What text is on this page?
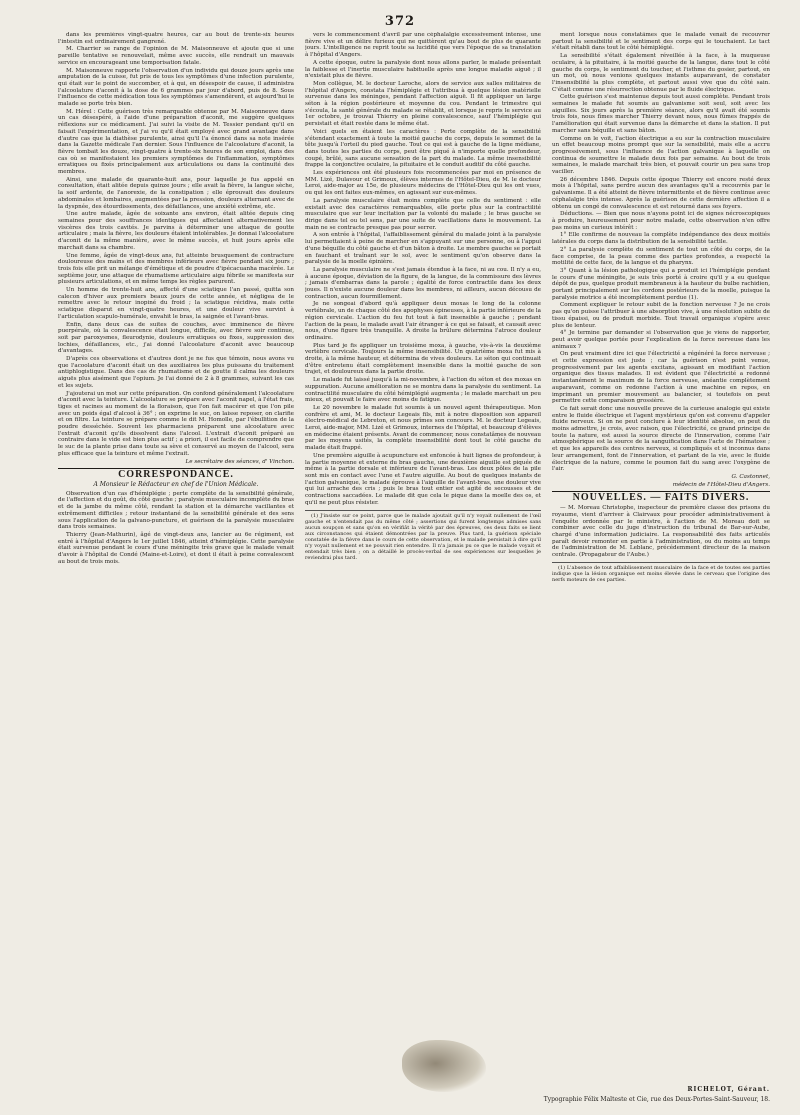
372

dans les premières vingt-quatre heures, car au bout de trente-six heures l'intestin est ordinairement gangrené.

M. Charrier se range de l'opinion de M. Maisonneuve et ajoute que si une pareille tentative se renouvelait, même avec succès, elle rendrait un mauvais service en encourageant une temporisation fatale.

M. Maisonneuve rapporte l'observation d'un individu qui douze jours après une amputation de la cuisse, fut pris de tous les symptômes d'une infection purulente, qui était sur le point de succomber, et à qui, en désespoir de cause, il administra l'alcoolature d'aconit à la dose de 6 grammes par jour d'abord, puis de 8. Sous l'influence de cette médication tous les symptômes s'amendèrent, et aujourd'hui le malade se porte très bien.

M. Hérel : Cette guérison très remarquable obtenue par M. Maisonneuve dans un cas désespéré, à l'aide d'une préparation d'aconit, me suggère quelques réflexions sur ce médicament. J'ai suivi la visite de M. Tessier pendant qu'il en faisait l'expérimentation, et j'ai vu qu'il était employé avec grand avantage dans d'autre cas que la diathèse purulente, ainsi qu'il l'a énoncé dans sa note insérée dans la Gazette médicale l'an dernier. Sous l'influence de l'alcoolature d'aconit, la fièvre tombait les douze, vingt-quatre à trente-six heures de son emploi, dans des cas où se manifestaient les premiers symptômes de l'inflammation, symptômes erratiques ou fixés principalement aux articulations ou dans la continuité des membres.

Ainsi, une malade de quarante-huit ans, pour laquelle je fus appelé en consultation, était alitée depuis quinze jours ; elle avait la fièvre, la langue sèche, la soif ardente, de l'anorexie, de la constipation ; elle éprouvait des douleurs abdominales et lombaires, augmentées par la pression, douleurs alternant avec de la dyspnée, des étourdissements, des défaillances, une anxiété extrême, etc.

Une autre malade, âgée de soixante ans environ, était alitée depuis cinq semaines pour des souffrances identiques qui affectaient alternativement les viscères des trois cavités. Je parvins à déterminer une attaque de goutte articulaire ; mais la fièvre, les douleurs étaient intolérables. Je donnai l'alcoolature d'aconit de la même manière, avec le même succès, et huit jours après elle marchait dans sa chambre.

Une femme, âgée de vingt-deux ans, fut atteinte brusquement de contracture douloureuse des mains et des membres inférieurs avec fièvre pendant six jours ; trois fois elle prit un mélange d'émétique et de poudre d'ipécacuanha macérée. Le septième jour, une attaque de rhumatisme articulaire aigu fébrile se manifesta sur plusieurs articulations, et en même temps les règles parurent.

Un homme de trente-huit ans, affecté d'une sciatique l'an passé, quitta son calecon d'hiver aux premiers beaux jours de cette année, et négligea de le remettre avec le retour inopiné du froid ; la sciatique récidiva, mais cette sciatique disparut en vingt-quatre heures, et une douleur vive survint à l'articulation scapulo-humérale, envahit le bras, la saignée et l'avant-bras.

Enfin, dans deux cas de suites de couches, avec imminence de fièvre puerpérale, où la convalescence était longue, difficile, avec fièvre soir continue, soit par paroxysmes, fleurodynie, douleurs erratiques ou fixes, suppression des lochies, défaillances, etc., j'ai donné l'alcoolature d'aconit avec beaucoup d'avantages.

D'après ces observations et d'autres dont je ne fus que témoin, nous avons vu que l'acoolature d'aconit était un des auxiliaires les plus puissans du traitement antiphlogistique. Dans des cas de rhumatisme et de goutte il calma les douleurs aiguës plus aisément que l'opium. Je l'ai donné de 2 à 8 grammes, suivant les cas et les sujets.

J'ajouterai un mot sur cette préparation. On confond généralement l'alcoolature d'aconit avec la teinture. L'alcoolature se prépare avec l'aconit napel, à l'état frais, tiges et racines au moment de la floraison, que l'on fait macérer et que l'on pile avec un poids égal d'alcool à 36° ; on exprime le suc, on laisse reposer, on clarifie et on filtre. La teinture se prépare comme le dit M. Homolle, par l'ébullition de la poudre desséchée. Souvent les pharmaciens préparent une alcoolature avec l'extrait d'aconit qu'ils dissolvent dans l'alcool. L'extrait d'aconit préparé au contraire dans le vide est bien plus actif ; a priori, il est facile de comprendre que le suc de la plante prise dans toute sa sève et conservé au moyen de l'alcool, sera plus efficace que la teinture et même l'extrait.

Le secrétaire des séances, d' Vinchon.

CORRESPONDANCE.
A Monsieur le Rédacteur en chef de l'Union Médicale.

Observation d'un cas d'hémiplégie ; perte complète de la sensibilité générale, de l'affection et du goût, du côté gauche ; paralysie musculaire incomplète du bras et de la jambe du même côté, rendant la station et la démarche vacillantes et extrêmement difficiles ; retour instantané de la sensibilité générale et des sens sous l'application de la galvano-puncture, et guérison de la paralysie musculaire dans trois semaines.

Thierry (Jean-Mathurin), âgé de vingt-deux ans, lancier au 6e régiment, est entré à l'hôpital d'Angers le 1er juillet 1846, atteint d'hémiplégie. Cette paralysie était survenue pendant le cours d'une méningite très grave que le malade venait d'avoir à l'hôpital de Condé (Maine-et-Loire), et dont il était à peine convalescent au bout de trois mois.

vers le commencement d'avril par une céphalalgie excessivement intense, une fièvre vive et un délire furieux qui ne quittèrent qu'au bout de plus de quarante jours. L'intelligence ne reprit toute sa lucidité que vers l'époque de sa translation à l'hôpital d'Angers.

A cette époque, outre la paralysie dont nous allons parler, le malade présentait la faiblesse et l'inertie musculaire habituelle après une longue maladie aiguë ; il n'existait plus de fièvre.

Mon collègue, M. le docteur Laroche, alors de service aux salles militaires de l'hôpital d'Angers, constata l'hémiplégie et l'attribua à quelque lésion matérielle survenue dans les méninges, pendant l'affection aiguë. Il fit appliquer un large séton à la région postérieure et moyenne du cou. Pendant le trimestre qui s'écoula, la santé générale du malade se rétablit, et lorsque je repris le service au 1er octobre, je trouvai Thierry en pleine convalescence, sauf l'hémiplégie qui persistait et était restée dans le même état.

Voici quels en étaient les caractères : Perte complète de la sensibilité s'étendant exactement à toute la moitié gauche du corps, depuis le sommet de la tête jusqu'à l'orteil du pied gauche. Tout ce qui est à gauche de la ligne médiane, dans toutes les parties du corps, peut être piqué à n'importe quelle profondeur, coupé, brûlé, sans aucune sensation de la part du malade. La même insensibilité frappe la conjonctive oculaire, la pituitaire et le conduit auditif du côté gauche.

Les expériences ont été plusieurs fois recommencées par moi en présence de MM. Lizé, Dulavour et Grimoux, élèves internes de l'Hôtel-Dieu, de M. le docteur Leroi, aide-major au 15e, de plusieurs médecins de l'Hôtel-Dieu qui les ont vues, ou qui les ont faites eux-mêmes, en agissant sur eux-mêmes.

La paralysie musculaire était moins complète que celle du sentiment : elle existait avec des caractères remarquables, elle porte plus sur la contractilité musculaire que sur leur incitation par la volonté du malade ; le bras gauche se dirige dans tel ou tel sens, par une suite de vacillations dans le mouvement. La main ne se contracte presque pas pour serrer.

A son entrée à l'hôpital, l'affaiblissement général du malade joint à la paralysie lui permettaient à peine de marcher en s'appuyant sur une personne, ou à l'appui d'une béquille du côté gauche et d'un bâton à droite. Le membre gauche se portait en fauchant et traînant sur le sol, avec le sentiment qu'on observe dans la paralysie de la moelle épinière.

La paralysie musculaire ne s'est jamais étendue à la face, ni au cou. Il n'y a eu, à aucune époque, déviation de la figure, de la langue, de la commissure des lèvres ; jamais d'embarras dans la parole ; égalité de force contractile dans les deux joues. Il n'existe aucune douleur dans les membres, ni ailleurs, aucun décousu de contraction, aucun fourmillement.

Je ne songeai d'abord qu'à appliquer deux moxas le long de la colonne vertébrale, un de chaque côté des apophyses épineuses, à la partie inférieure de la région cervicale. L'action du feu fut tout à fait insensible à gauche ; pendant l'action de la peau, le malade avait l'air étranger à ce qui se faisait, et causait avec nous, d'une figure très tranquille. A droite la brûlure détermina l'atroce douleur ordinaire.

Plus tard je fis appliquer un troisième moxa, à gauche, vis-à-vis la deuxième vertèbre cervicale. Toujours la même insensibilité. Un quatrième moxa fut mis à droite, à la même hauteur, et détermina de vives douleurs. Le séton qui continuait d'être entretenu était complètement insensible dans la moitié gauche de son trajet, et douloureux dans la partie droite.

Le malade fut laissé jusqu'à la mi-novembre, à l'action du séton et des moxas en suppuration. Aucune amélioration ne se montra dans la paralysie du sentiment. La contractilité musculaire du côté hémiplégié augmenta ; le malade marchait un peu mieux, et pouvait le faire avec moins de fatigue.

Le 20 novembre le malade fut soumis à un nouvel agent thérapeutique. Mon confrère et ami, M. le docteur Legeais fils, mit à notre disposition son appareil électro-médical de Lebreton, et nous prîmes son concours. M. le docteur Legeais, Leroi, aide-major, MM. Lizé et Grimoux, internes de l'hôpital, et beaucoup d'élèves en médecine étaient présents. Avant de commencer, nous constatâmes de nouveau par les moyens usités, la complète insensibilité dont tout le côté gauche du malade était frappé.

Une première aiguille à acupuncture est enfoncée à huit lignes de profondeur, à la partie moyenne et externe du bras gauche, une deuxième aiguille est piquée de même à la partie dorsale et inférieure de l'avant-bras. Les deux pôles de la pile sont mis en contact avec l'une et l'autre aiguille. Au bout de quelques instants de l'action galvanique, le malade éprouve à l'aiguille de l'avant-bras, une douleur vive qui lui arrache des cris ; puis le bras tout entier est agité de secousses et de contractions saccadées. Le malade dit que cela le pique dans la moelle des os, et qu'il ne peut plus résister.

(1) J'insiste sur ce point, parce que le malade ajoutait qu'il n'y voyait nullement de l'œil gauche et n'entendait pas du même côté ; assertions qui furent longtemps admises sans aucun soupçon et sans qu'on en vérifiât la vérité par des épreuves, ces deux faits se lient aux circonstances qui étaient démontrées par la preuve. Plus tard, la guérison spéciale constatée de la fièvre dans le cours de cette observation, et le malade persistait à dire qu'il n'y voyait nullement et ne pouvait rien entendre. Il n'a jamais pu ce que le malade voyait et entendait très bien ; on a détaillé le procès-verbal de ses expériences sur lesquelles je reviendrai plus tard.

ment lorsque nous constatâmes que le malade venait de recouvrer partout la sensibilité et le sentiment des corps qui le touchaient. Le tact s'était rétabli dans tout le côté hémiplégié.

La sensibilité s'était également réveillée à la face, à la muqueuse oculaire, à la pituitaire, à la moitié gauche de la langue, dans tout le côté gauche du corps, le sentiment du toucher, et l'isthme du gosier, partout, en un mot, où nous venions quelques instants auparavant, de constater l'insensibilité la plus complète, et partout aussi vive que du côté sain. C'était comme une résurrection obtenue par le fluide électrique.

Cette guérison s'est maintenue depuis tout aussi complète. Pendant trois semaines le malade fut soumis au galvanisme soit seul, soit avec les aiguilles. Six jours après la première séance, alors qu'il avait été soumis trois fois, nous fîmes marcher Thierry devant nous, nous fûmes frappés de l'amélioration qui était survenue dans la démarche et dans la station. Il put marcher sans béquille et sans bâton.

Comme on le voit, l'action électrique a eu sur la contraction musculaire un effet beaucoup moins prompt que sur la sensibilité, mais elle a accru progressivement, sous l'influence de l'action galvanique à laquelle on continua de soumettre le malade deux fois par semaine. Au bout de trois semaines, le malade marchait très bien, et pouvait courir un peu sans trop vaciller.

26 décembre 1846. Depuis cette époque Thierry est encore resté deux mois à l'hôpital, sans perdre aucun des avantages qu'il a recouvrés par le galvanisme. Il a été atteint de fièvre intermittente et de fièvre continue avec céphalalgie très intense. Après la guérison de cette dernière affection il a obtenu un congé de convalescence et est retourné dans ses foyers.

Déductions. — Bien que nous n'ayons point ici de signes nécroscopiques à produire, heureusement pour notre malade, cette observation n'en offre pas moins un curieux intérêt :

1° Elle confirme de nouveau la complète indépendance des deux moitiés latérales du corps dans la distribution de la sensibilité tactile.

2° La paralysie complète du sentiment de tout un côté du corps, de la face comprise, de la peau comme des parties profondes, a respecté la motilité de cette face, de la langue et du pharynx.

3° Quant à la lésion pathologique qui a produit ici l'hémiplégie pendant le cours d'une méningite, je suis très porté à croire qu'il y a eu quelque dépôt de pus, quelque produit membraneux à la hauteur du bulbe rachidien, portant principalement sur les cordons postérieurs de la moelle, puisque la paralysie motrice a été incomplètement perdue (1).

Comment expliquer le retour subit de la fonction nerveuse ? Je ne crois pas qu'on puisse l'attribuer à une absorption vive, à une résolution subite de tissu épaissi, ou de produit morbide. Tout travail organique s'opère avec plus de lenteur.

4° Je termine par demander si l'observation que je viens de rapporter, peut avoir quelque portée pour l'explication de la force nerveuse dans les animaux ?

On peut vraiment dire ici que l'électricité a régénéré la force nerveuse ; et cette expression est juste ; car la guérison n'est point venue, progressivement par les agents excitans, agissant en modifiant l'action organique des tissus malades. Il est évident que l'électricité a redonné instantanément le maximum de la force nerveuse, anéantie complètement auparavant, comme on redonne l'action à une machine en repos, en imprimant un premier mouvement au balancier, si toutefois on peut permettre cette comparaison grossière.

Ce fait serait donc une nouvelle preuve de la curieuse analogie qui existe entre le fluide électrique et l'agent mystérieux qu'on est convenu d'appeler fluide nerveux. Si on ne peut conclure à leur identité absolue, on peut du moins admettre, je crois, avec raison, que l'électricité, ce grand principe de toute la nature, est aussi la source directe de l'innervation, comme l'air atmosphérique est la source de la sanguification dans l'acte de l'hématose ; et que les appareils des centres nerveux, si compliqués et si inconnus dans leur arrangement, font de l'innervation, et partant de la vie, avec le fluide électrique de la nature, comme le poumon fait du sang avec l'oxygène de l'air.

G. Castonnet,

médecin de l'Hôtel-Dieu d'Angers.

NOUVELLES. — FAITS DIVERS.

— M. Moreau Christophe, inspecteur de première classe des prisons du royaume, vient d'arriver à Clairvaux pour procéder administrativement à l'enquête ordonnée par le ministre, à l'action de M. Moreau doit se combiner avec celle du juge d'instruction du tribunal de Bar-sur-Aube, chargé d'une information judiciaire. La responsabilité des faits articulés paraît devoir remonter en partie à l'administration, ou du moins au temps de l'administration de M. Leblanc, précédemment directeur de la maison centrale. (Propagateur de l'Aube.)

(1) L'absence de tout affaiblissement musculaire de la face et de toutes ses parties indique que la lésion organique est moins élevée dans le cerveau que l'origine des nerfs moteurs de ces parties.

RICHELOT, Gérant.
Typographie Félix Malteste et Cie, rue des Deux-Portes-Saint-Sauveur, 18.
